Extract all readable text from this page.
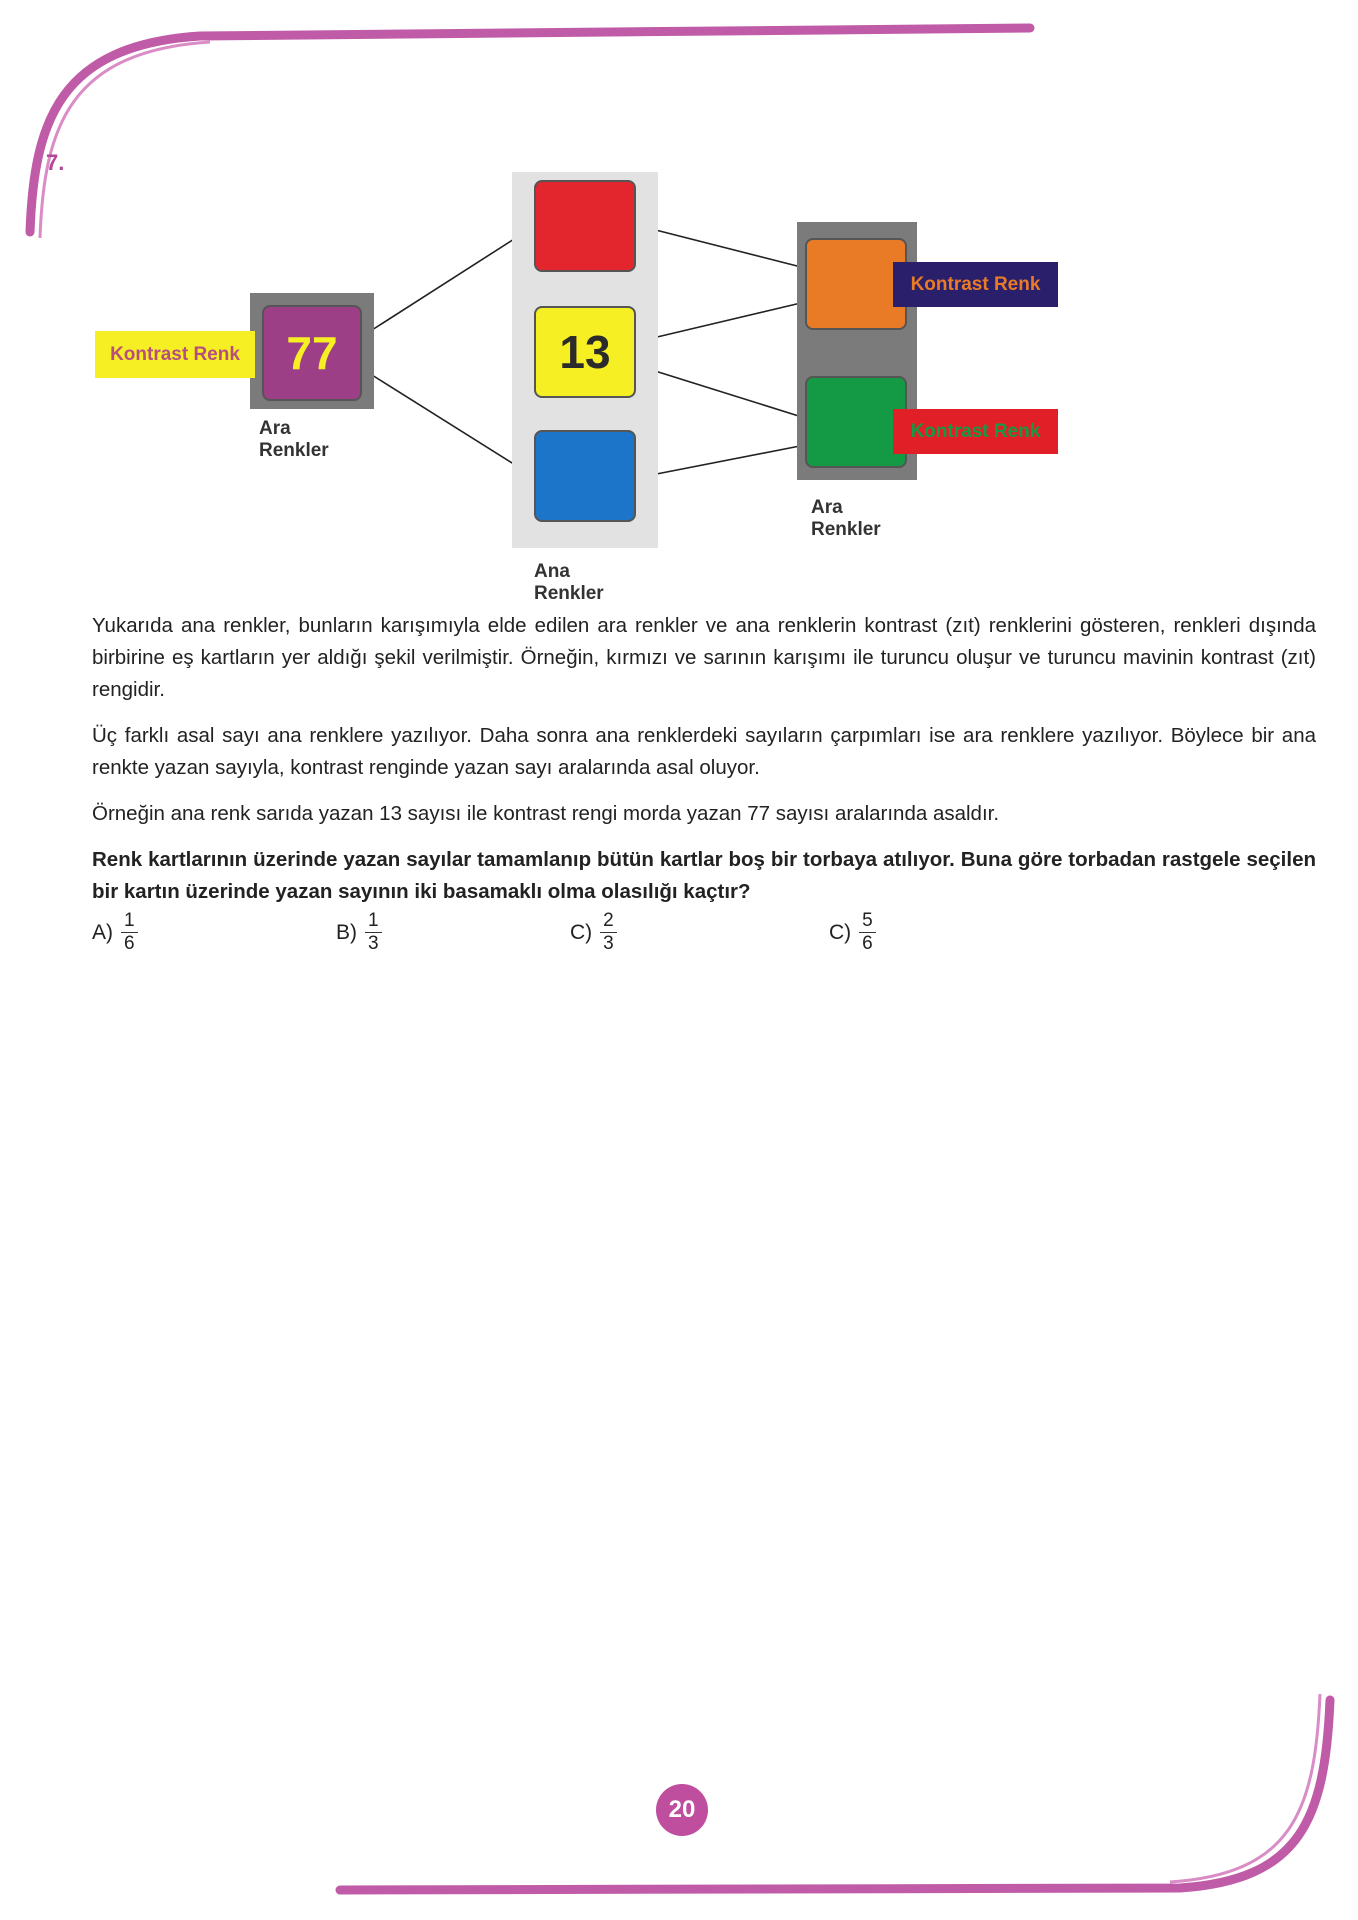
7.
Kontrast Renk	77
Ara Renkler
13
Ana Renkler
Kontrast Renk
Kontrast Renk
Ara Renkler

Yukarıda ana renkler, bunların karışımıyla elde edilen ara renkler ve ana renklerin kontrast (zıt) renklerini gösteren, renkleri dışında birbirine eş kartların yer aldığı şekil verilmiştir. Örneğin, kırmızı ve sarının karışımı ile turuncu oluşur ve turuncu mavinin kontrast (zıt) rengidir.

Üç farklı asal sayı ana renklere yazılıyor. Daha sonra ana renklerdeki sayıların çarpımları ise ara renklere yazılıyor. Böylece bir ana renkte yazan sayıyla, kontrast renginde yazan sayı aralarında asal oluyor.

Örneğin ana renk sarıda yazan 13 sayısı ile kontrast rengi morda yazan 77 sayısı aralarında asaldır.

Renk kartlarının üzerinde yazan sayılar tamamlanıp bütün kartlar boş bir torbaya atılıyor. Buna göre torbadan rastgele seçilen bir kartın üzerinde yazan sayının iki basamaklı olma olasılığı kaçtır?

$A) \frac{1}{6}$	$B) \frac{1}{3}$	$C) \frac{2}{3}$	$C) \frac{5}{6}$
20
